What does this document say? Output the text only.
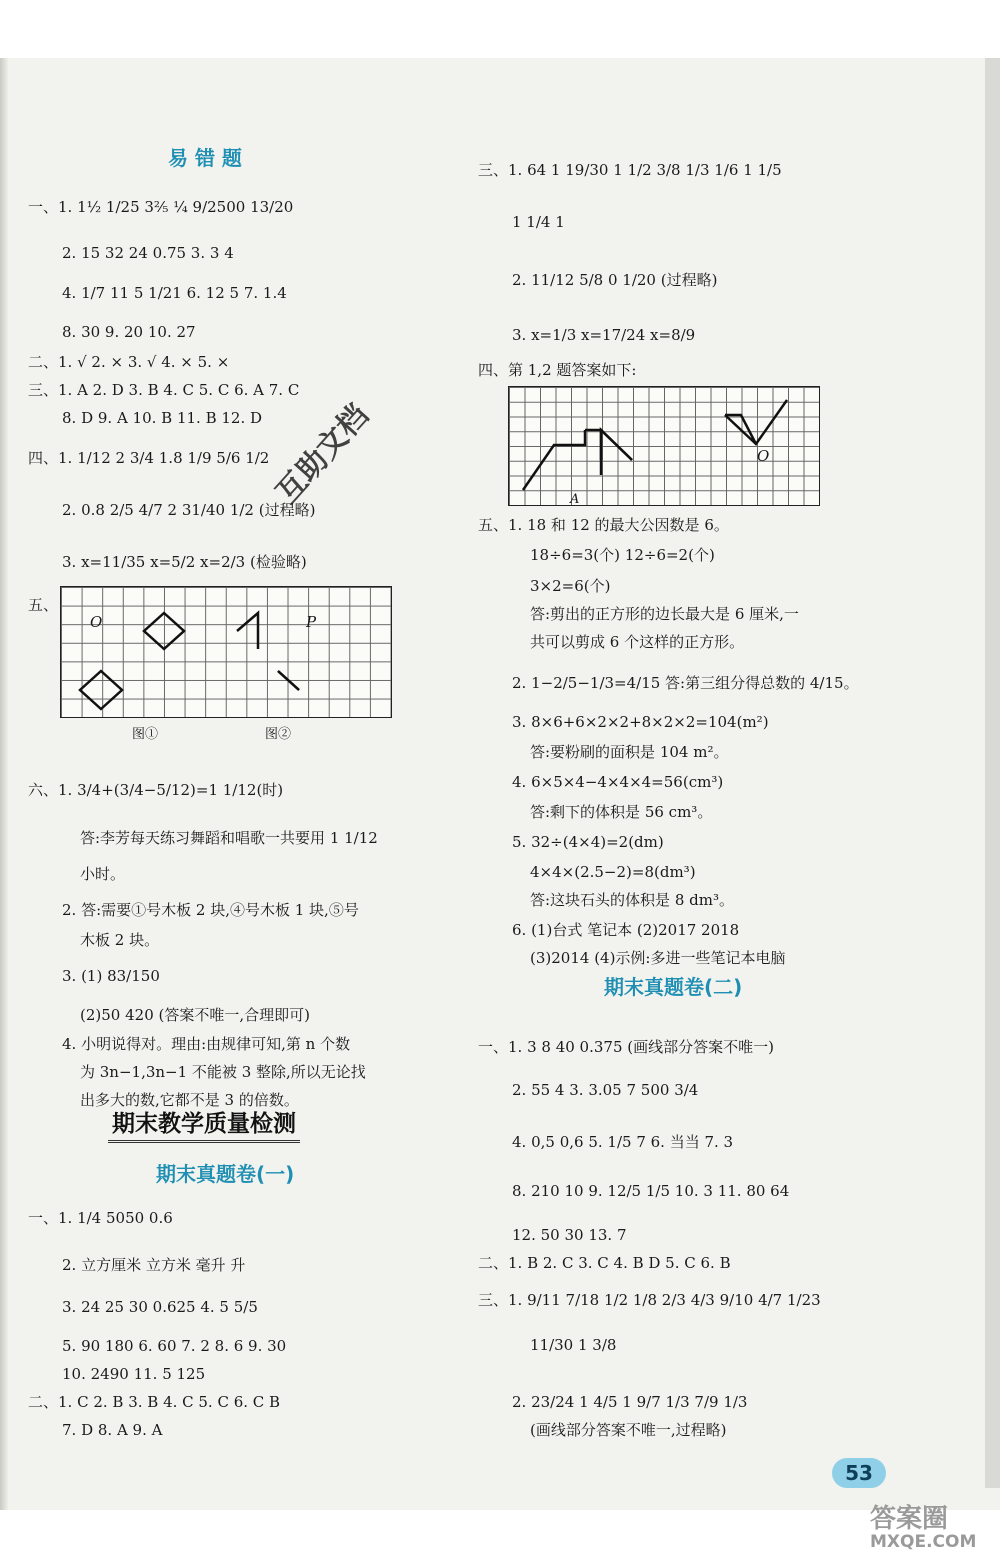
易 错 题
一、1. 1½ 1/25 3⅖ ¼ 9/2500 13/20
2. 15 32 24 0.75 3. 3 4
4. 1/7 11 5 1/21 6. 12 5 7. 1.4
8. 30 9. 20 10. 27
二、1. √ 2. × 3. √ 4. × 5. ×
三、1. A 2. D 3. B 4. C 5. C 6. A 7. C
8. D 9. A 10. B 11. B 12. D
四、1. 1/12 2 3/4 1.8 1/9 5/6 1/2
2. 0.8 2/5 4/7 2 31/40 1/2 (过程略)
3. x=11/35 x=5/2 x=2/3 (检验略)
五、
六、1. 3/4+(3/4−5/12)=1 1/12(时)
答:李芳每天练习舞蹈和唱歌一共要用 1 1/12
小时。
2. 答:需要①号木板 2 块,④号木板 1 块,⑤号
木板 2 块。
3. (1) 83/150
(2)50 420 (答案不唯一,合理即可)
4. 小明说得对。理由:由规律可知,第 n 个数
为 3n−1,3n−1 不能被 3 整除,所以无论找
出多大的数,它都不是 3 的倍数。
一、1. 1/4 5050 0.6
2. 立方厘米 立方米 毫升 升
3. 24 25 30 0.625 4. 5 5/5
5. 90 180 6. 60 7. 2 8. 6 9. 30
10. 2490 11. 5 125
二、1. C 2. B 3. B 4. C 5. C 6. C B
7. D 8. A 9. A
三、1. 64 1 19/30 1 1/2 3/8 1/3 1/6 1 1/5
1 1/4 1
2. 11/12 5/8 0 1/20 (过程略)
3. x=1/3 x=17/24 x=8/9
四、第 1,2 题答案如下:
五、1. 18 和 12 的最大公因数是 6。
18÷6=3(个) 12÷6=2(个)
3×2=6(个)
答:剪出的正方形的边长最大是 6 厘米,一
共可以剪成 6 个这样的正方形。
2. 1−2/5−1/3=4/15 答:第三组分得总数的 4/15。
3. 8×6+6×2×2+8×2×2=104(m²)
答:要粉刷的面积是 104 m²。
4. 6×5×4−4×4×4=56(cm³)
答:剩下的体积是 56 cm³。
5. 32÷(4×4)=2(dm)
4×4×(2.5−2)=8(dm³)
答:这块石头的体积是 8 dm³。
6. (1)台式 笔记本 (2)2017 2018
(3)2014 (4)示例:多进一些笔记本电脑
一、1. 3 8 40 0.375 (画线部分答案不唯一)
2. 55 4 3. 3.05 7 500 3/4
4. 0,5 0,6 5. 1/5 7 6. 当当 7. 3
8. 210 10 9. 12/5 1/5 10. 3 11. 80 64
12. 50 30 13. 7
二、1. B 2. C 3. C 4. B D 5. C 6. B
三、1. 9/11 7/18 1/2 1/8 2/3 4/3 9/10 4/7 1/23
11/30 1 3/8
2. 23/24 1 4/5 1 9/7 1/3 7/9 1/3
(画线部分答案不唯一,过程略)
O	P
图①	图②
O
A
期末教学质量检测
期末真题卷(一)
期末真题卷(二)
互助文档
53
答案圈
MXQE.COM
